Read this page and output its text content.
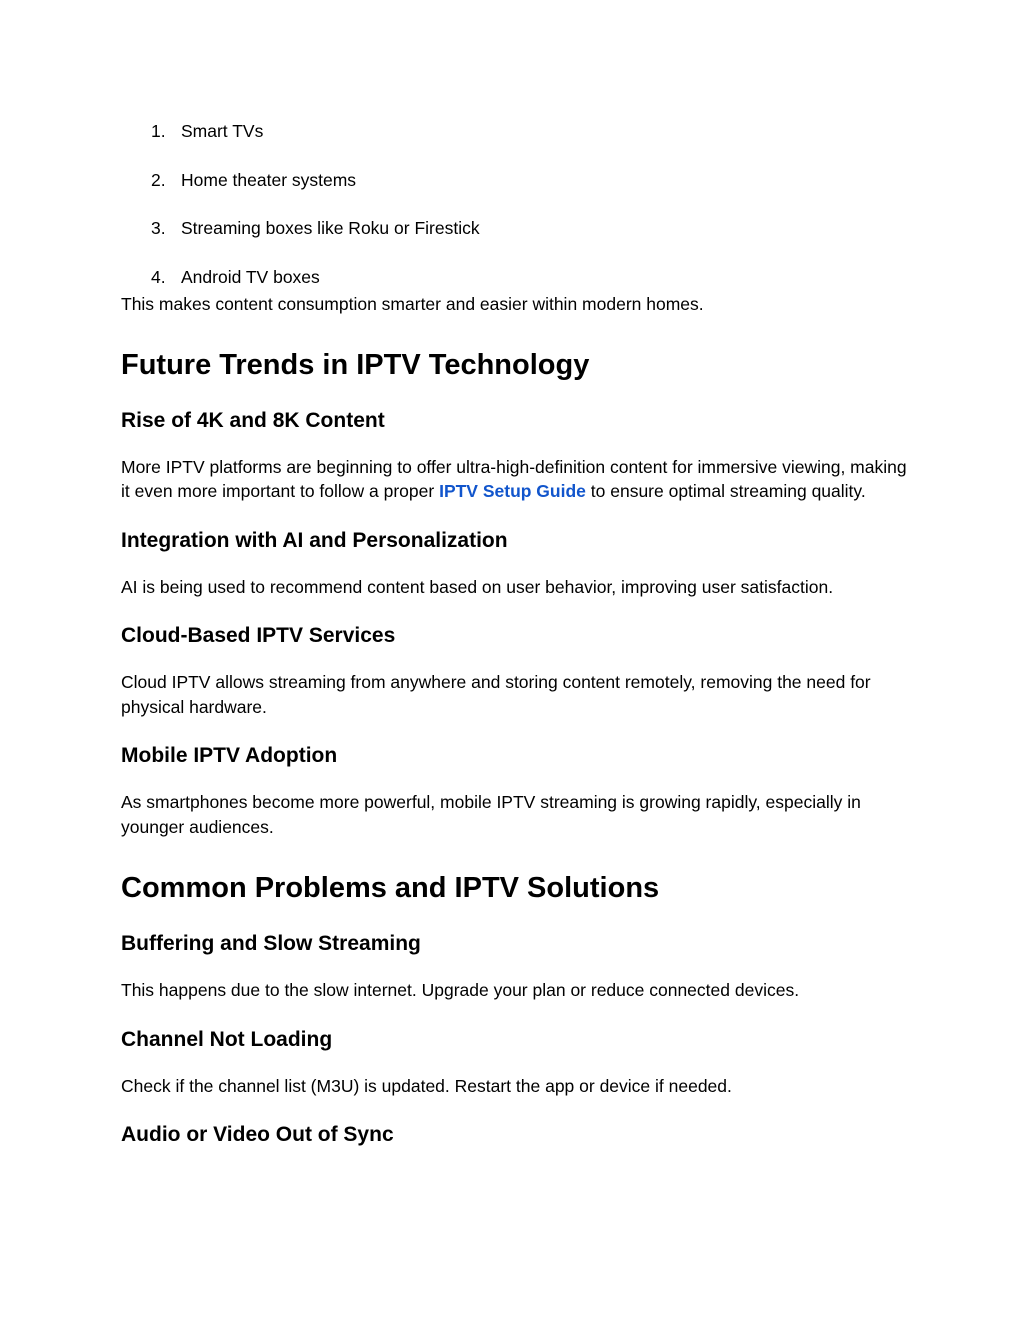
1. Smart TVs
2. Home theater systems
3. Streaming boxes like Roku or Firestick
4. Android TV boxes

This makes content consumption smarter and easier within modern homes.

Future Trends in IPTV Technology
Rise of 4K and 8K Content

More IPTV platforms are beginning to offer ultra-high-definition content for immersive viewing, making it even more important to follow a proper IPTV Setup Guide to ensure optimal streaming quality.

Integration with AI and Personalization

AI is being used to recommend content based on user behavior, improving user satisfaction.

Cloud-Based IPTV Services

Cloud IPTV allows streaming from anywhere and storing content remotely, removing the need for physical hardware.

Mobile IPTV Adoption

As smartphones become more powerful, mobile IPTV streaming is growing rapidly, especially in younger audiences.

Common Problems and IPTV Solutions
Buffering and Slow Streaming

This happens due to the slow internet. Upgrade your plan or reduce connected devices.

Channel Not Loading

Check if the channel list (M3U) is updated. Restart the app or device if needed.

Audio or Video Out of Sync
